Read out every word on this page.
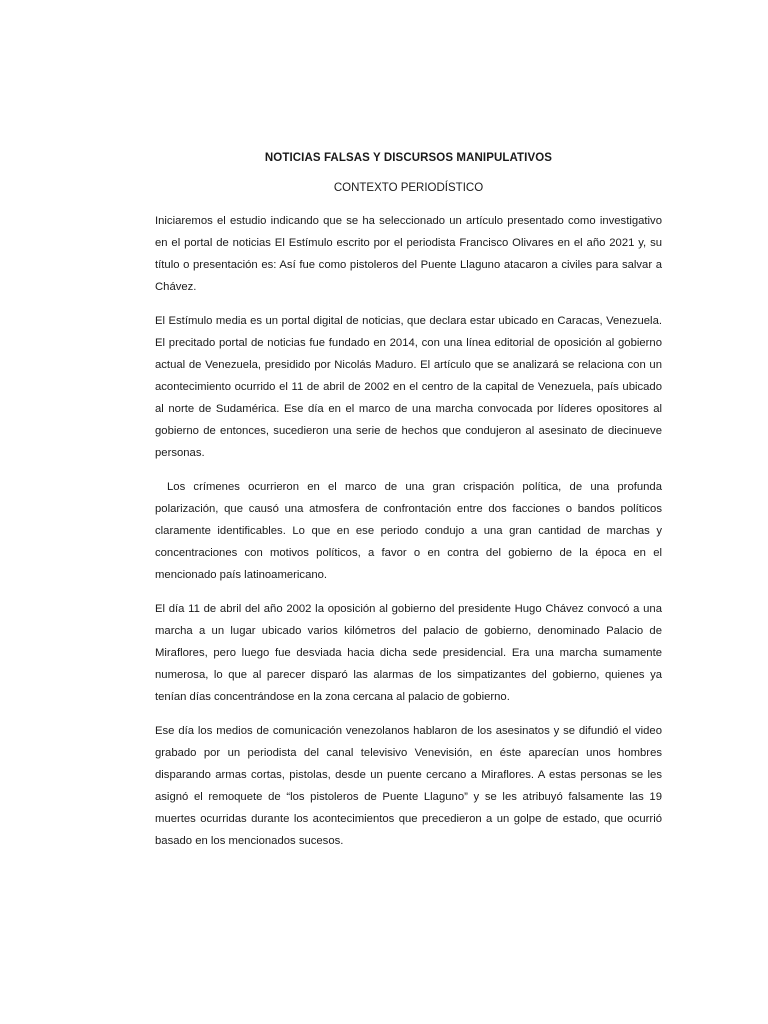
NOTICIAS FALSAS Y DISCURSOS MANIPULATIVOS
CONTEXTO PERIODÍSTICO

Iniciaremos el estudio indicando que se ha seleccionado un artículo presentado como investigativo en el portal de noticias El Estímulo escrito por el periodista Francisco Olivares en el año 2021 y, su título o presentación es: Así fue como pistoleros del Puente Llaguno atacaron a civiles para salvar a Chávez.

El Estímulo media es un portal digital de noticias, que declara estar ubicado en Caracas, Venezuela. El precitado portal de noticias fue fundado en 2014, con una línea editorial de oposición al gobierno actual de Venezuela, presidido por Nicolás Maduro. El artículo que se analizará se relaciona con un acontecimiento ocurrido el 11 de abril de 2002 en el centro de la capital de Venezuela, país ubicado al norte de Sudamérica. Ese día en el marco de una marcha convocada por líderes opositores al gobierno de entonces, sucedieron una serie de hechos que condujeron al asesinato de diecinueve personas.

Los crímenes ocurrieron en el marco de una gran crispación política, de una profunda polarización, que causó una atmosfera de confrontación entre dos facciones o bandos políticos claramente identificables. Lo que en ese periodo condujo a una gran cantidad de marchas y concentraciones con motivos políticos, a favor o en contra del gobierno de la época en el mencionado país latinoamericano.

El día 11 de abril del año 2002 la oposición al gobierno del presidente Hugo Chávez convocó a una marcha a un lugar ubicado varios kilómetros del palacio de gobierno, denominado Palacio de Miraflores, pero luego fue desviada hacia dicha sede presidencial. Era una marcha sumamente numerosa, lo que al parecer disparó las alarmas de los simpatizantes del gobierno, quienes ya tenían días concentrándose en la zona cercana al palacio de gobierno.

Ese día los medios de comunicación venezolanos hablaron de los asesinatos y se difundió el video grabado por un periodista del canal televisivo Venevisión, en éste aparecían unos hombres disparando armas cortas, pistolas, desde un puente cercano a Miraflores. A estas personas se les asignó el remoquete de “los pistoleros de Puente Llaguno” y se les atribuyó falsamente las 19 muertes ocurridas durante los acontecimientos que precedieron a un golpe de estado, que ocurrió basado en los mencionados sucesos.
